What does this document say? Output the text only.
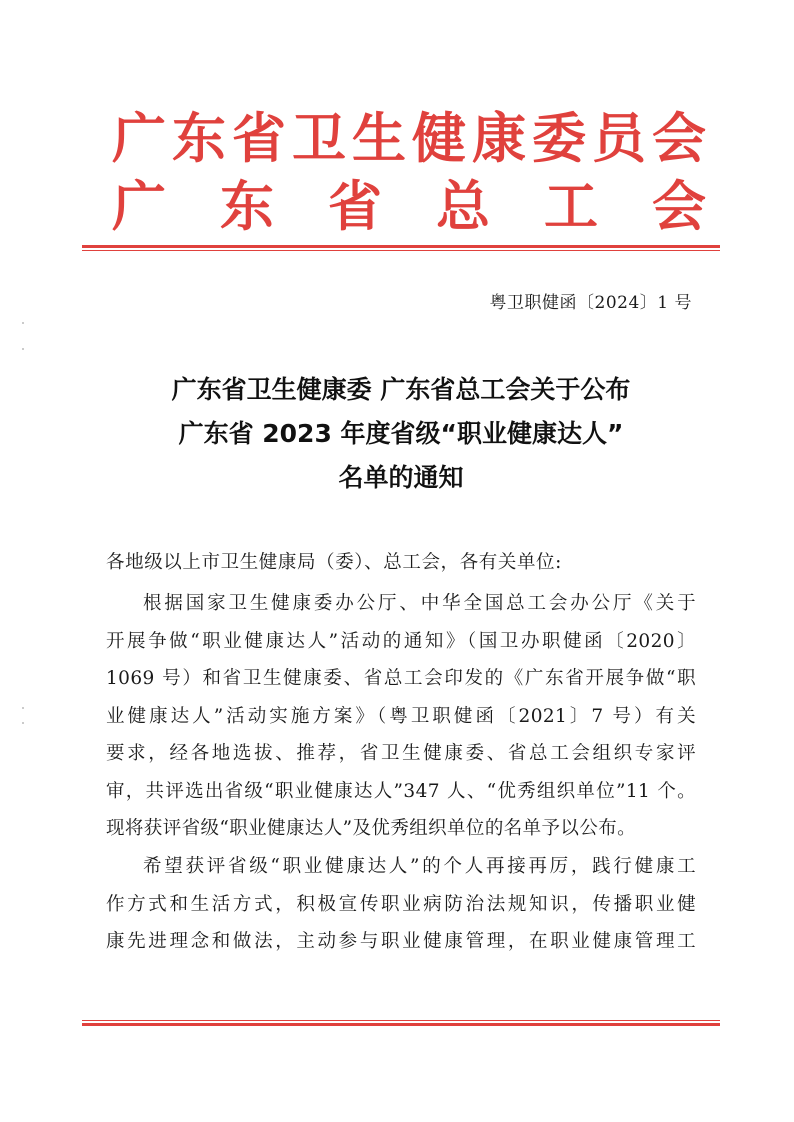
广 东 省 卫 生 健 康 委 员 会
广 东 省 总 工 会
粤卫职健函〔2024〕1 号
广东省卫生健康委 广东省总工会关于公布
广东省 2023 年度省级“职业健康达人”
名单的通知
各地级以上市卫生健康局（委）、总工会，各有关单位:
根据国家卫生健康委办公厅、中华全国总工会办公厅《关于
开展争做“职业健康达人”活动的通知》（国卫办职健函〔2020〕
1069 号）和省卫生健康委、省总工会印发的《广东省开展争做“职
业健康达人”活动实施方案》（粤卫职健函〔2021〕7 号）有关
要求，经各地选拔、推荐，省卫生健康委、省总工会组织专家评
审，共评选出省级“职业健康达人”347 人、“优秀组织单位”11 个。
现将获评省级“职业健康达人”及优秀组织单位的名单予以公布。
希望获评省级“职业健康达人”的个人再接再厉，践行健康工
作方式和生活方式，积极宣传职业病防治法规知识，传播职业健
康先进理念和做法，主动参与职业健康管理，在职业健康管理工
